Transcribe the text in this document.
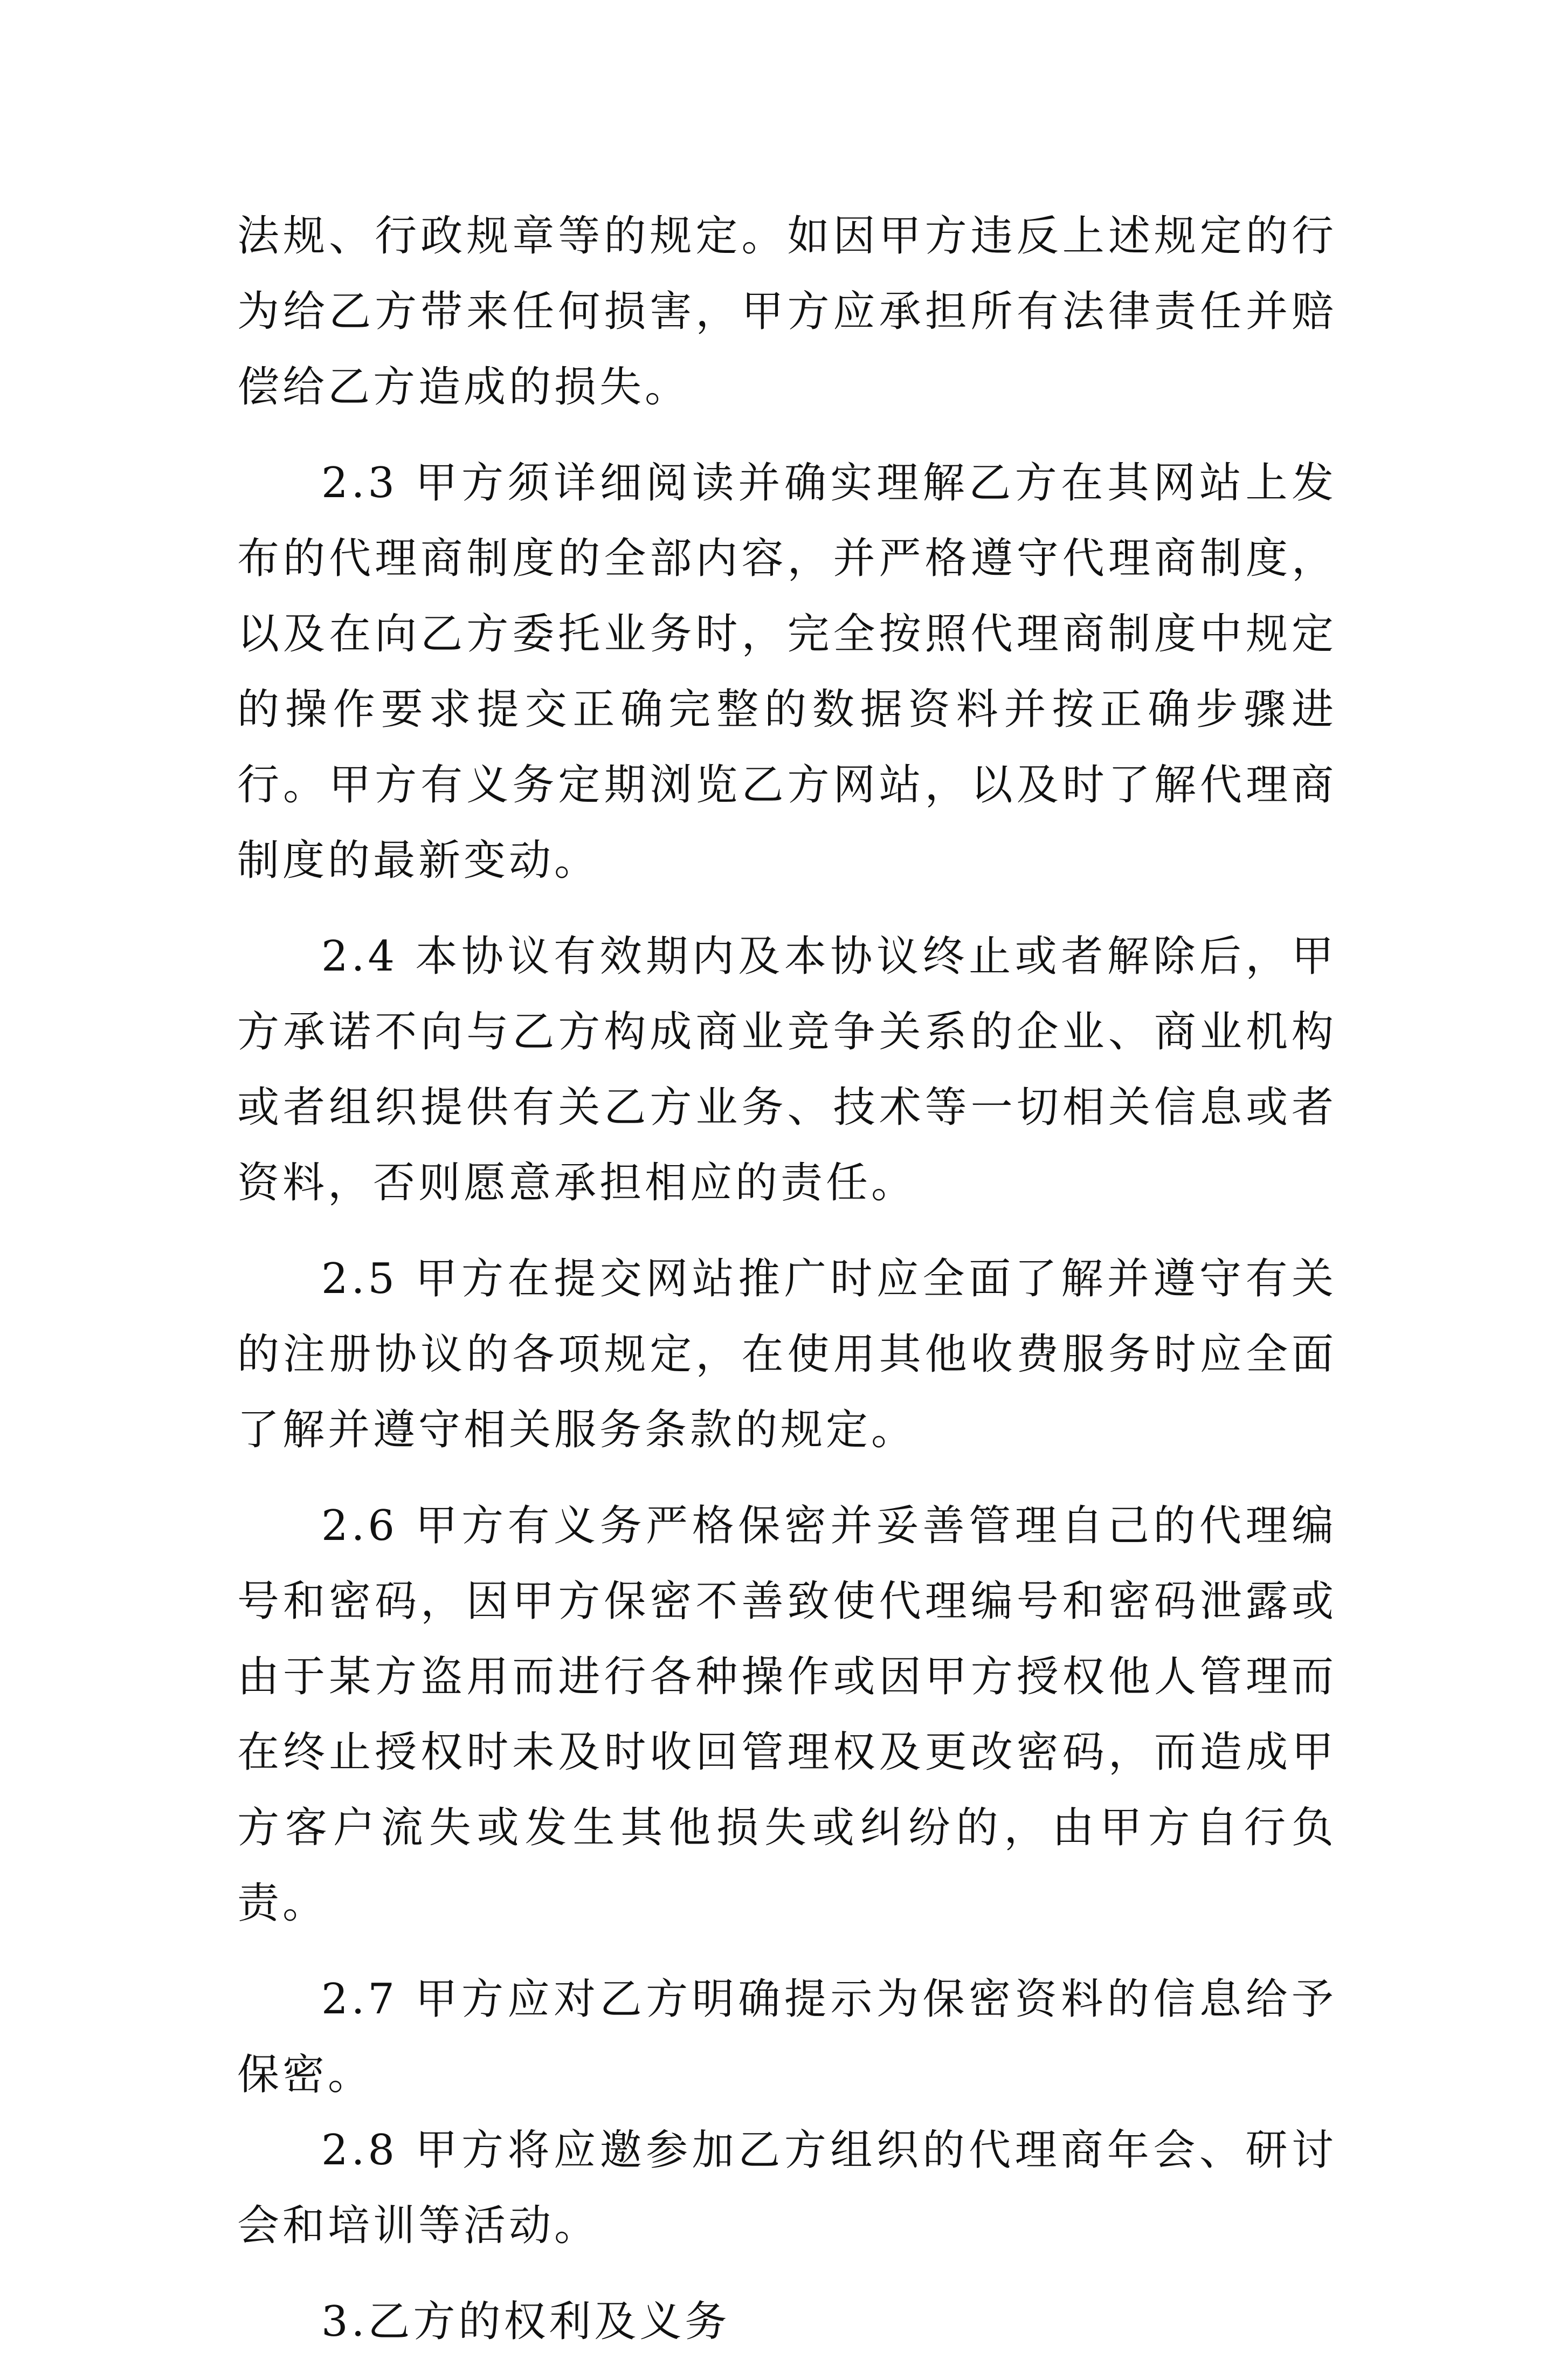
法规、行政规章等的规定。如因甲方违反上述规定的行为给乙方带来任何损害，甲方应承担所有法律责任并赔偿给乙方造成的损失。

2.3 甲方须详细阅读并确实理解乙方在其网站上发布的代理商制度的全部内容，并严格遵守代理商制度，以及在向乙方委托业务时，完全按照代理商制度中规定的操作要求提交正确完整的数据资料并按正确步骤进行。甲方有义务定期浏览乙方网站，以及时了解代理商制度的最新变动。

2.4 本协议有效期内及本协议终止或者解除后，甲方承诺不向与乙方构成商业竞争关系的企业、商业机构或者组织提供有关乙方业务、技术等一切相关信息或者资料，否则愿意承担相应的责任。

2.5 甲方在提交网站推广时应全面了解并遵守有关的注册协议的各项规定，在使用其他收费服务时应全面了解并遵守相关服务条款的规定。

2.6 甲方有义务严格保密并妥善管理自己的代理编号和密码，因甲方保密不善致使代理编号和密码泄露或由于某方盗用而进行各种操作或因甲方授权他人管理而在终止授权时未及时收回管理权及更改密码，而造成甲方客户流失或发生其他损失或纠纷的，由甲方自行负责。

2.7 甲方应对乙方明确提示为保密资料的信息给予保密。

2.8 甲方将应邀参加乙方组织的代理商年会、研讨会和培训等活动。

3.乙方的权利及义务
